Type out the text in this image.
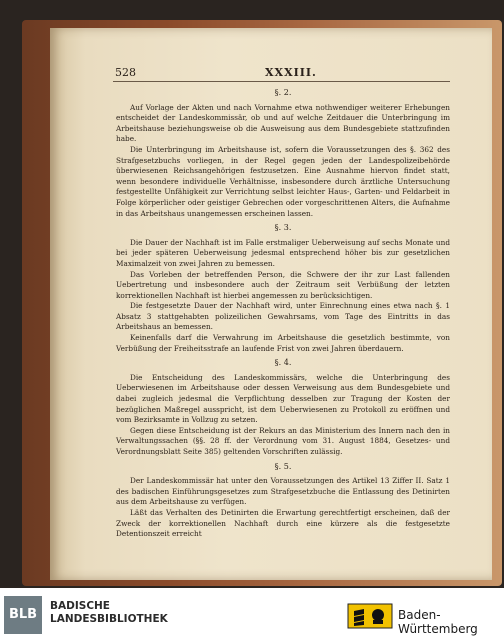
528	XXXIII.
§. 2.

Auf Vorlage der Akten und nach Vornahme etwa nothwendiger weiterer Erhebungen entscheidet der Landeskommissär, ob und auf welche Zeitdauer die Unterbringung im Arbeitshause beziehungsweise ob die Ausweisung aus dem Bundesgebiete stattzufinden habe.

Die Unterbringung im Arbeitshause ist, sofern die Voraussetzungen des §. 362 des Strafgesetzbuchs vorliegen, in der Regel gegen jeden der Landespolizeibehörde überwiesenen Reichsangehörigen festzusetzen. Eine Ausnahme hiervon findet statt, wenn besondere individuelle Verhältnisse, insbesondere durch ärztliche Untersuchung festgestellte Unfähigkeit zur Verrichtung selbst leichter Haus-, Garten- und Feldarbeit in Folge körperlicher oder geistiger Gebrechen oder vorgeschrittenen Alters, die Aufnahme in das Arbeitshaus unangemessen erscheinen lassen.

§. 3.

Die Dauer der Nachhaft ist im Falle erstmaliger Ueberweisung auf sechs Monate und bei jeder späteren Ueberweisung jedesmal entsprechend höher bis zur gesetzlichen Maximalzeit von zwei Jahren zu bemessen.

Das Vorleben der betreffenden Person, die Schwere der ihr zur Last fallenden Uebertretung und insbesondere auch der Zeitraum seit Verbüßung der letzten korrektionellen Nachhaft ist hierbei angemessen zu berücksichtigen.

Die festgesetzte Dauer der Nachhaft wird, unter Einrechnung eines etwa nach §. 1 Absatz 3 stattgehabten polizeilichen Gewahrsams, vom Tage des Eintritts in das Arbeitshaus an bemessen.

Keinenfalls darf die Verwahrung im Arbeitshause die gesetzlich bestimmte, von Verbüßung der Freiheitsstrafe an laufende Frist von zwei Jahren überdauern.

§. 4.

Die Entscheidung des Landeskommissärs, welche die Unterbringung des Ueberwiesenen im Arbeitshause oder dessen Verweisung aus dem Bundesgebiete und dabei zugleich jedesmal die Verpflichtung desselben zur Tragung der Kosten der bezüglichen Maßregel ausspricht, ist dem Ueberwiesenen zu Protokoll zu eröffnen und vom Bezirksamte in Vollzug zu setzen.

Gegen diese Entscheidung ist der Rekurs an das Ministerium des Innern nach den in Verwaltungssachen (§§. 28 ff. der Verordnung vom 31. August 1884, Gesetzes- und Verordnungsblatt Seite 385) geltenden Vorschriften zulässig.

§. 5.

Der Landeskommissär hat unter den Voraussetzungen des Artikel 13 Ziffer II. Satz 1 des badischen Einführungsgesetzes zum Strafgesetzbuche die Entlassung des Detinirten aus dem Arbeitshause zu verfügen.

Läßt das Verhalten des Detinirten die Erwartung gerechtfertigt erscheinen, daß der Zweck der korrektionellen Nachhaft durch eine kürzere als die festgesetzte Detentionszeit erreicht

BLB
BADISCHE
LANDESBIBLIOTHEK	Baden-Württemberg
